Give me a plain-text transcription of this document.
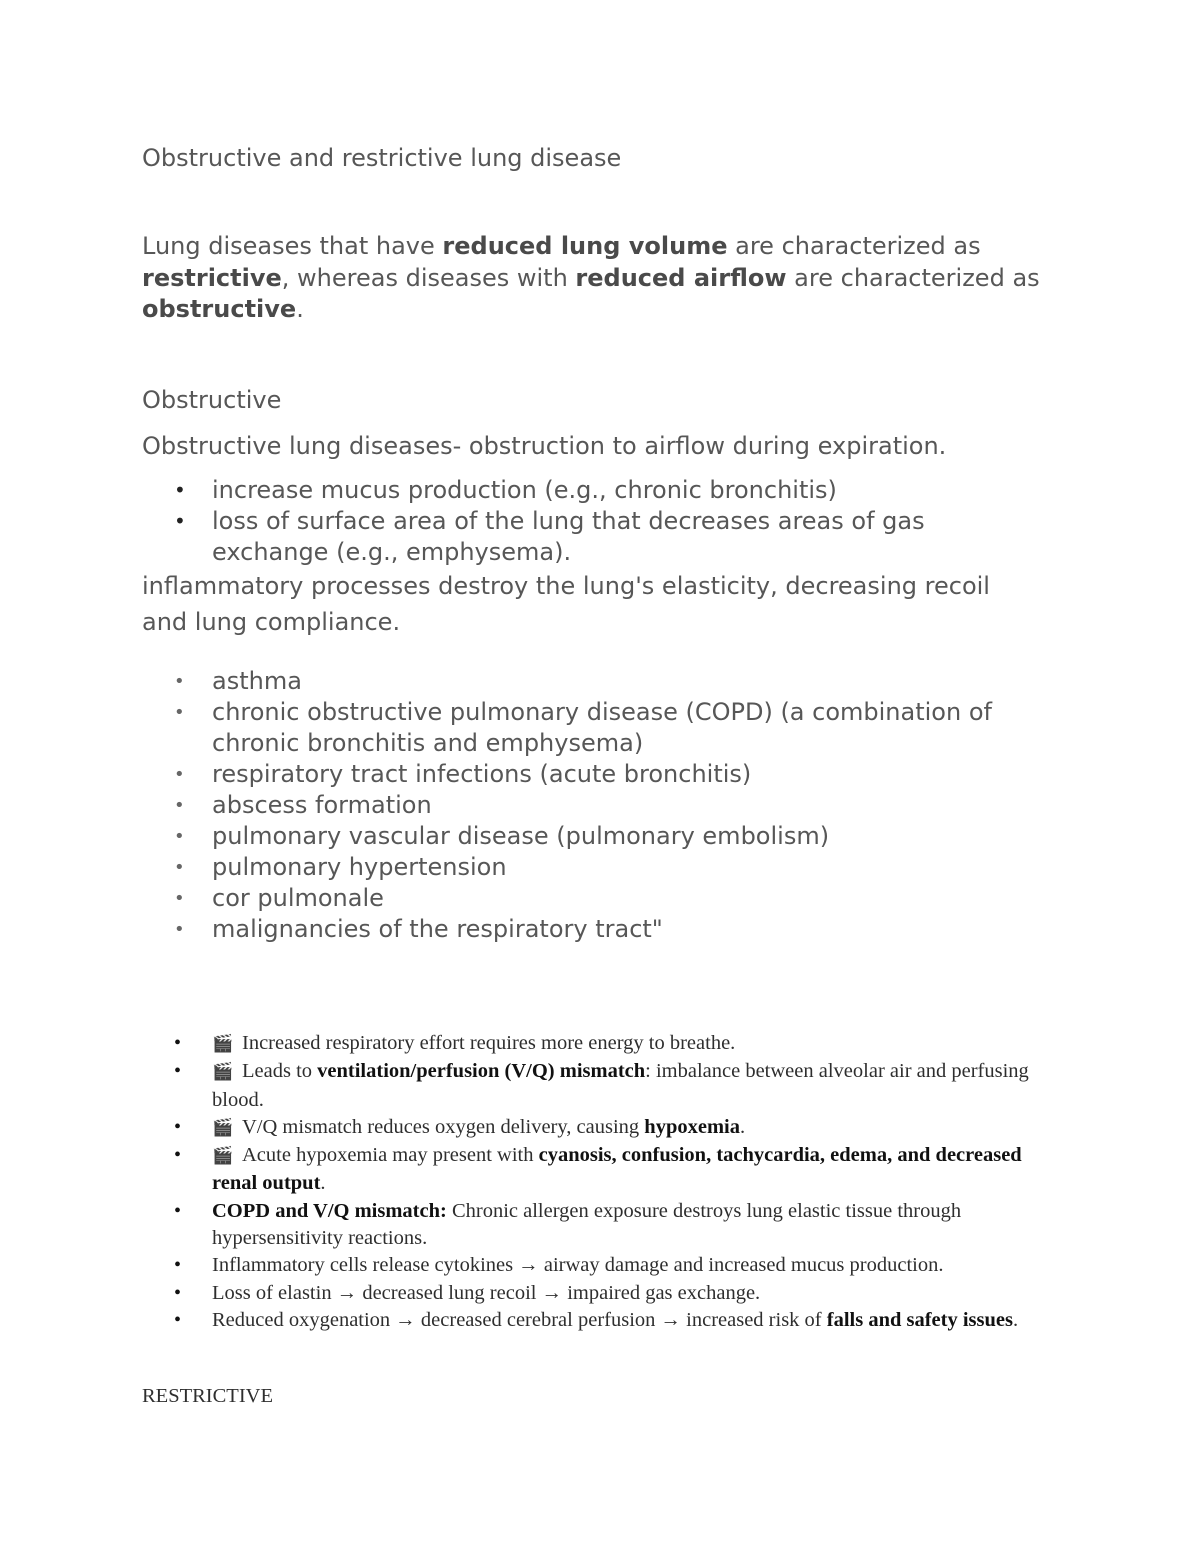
Obstructive and restrictive lung disease

Lung diseases that have reduced lung volume are characterized as restrictive, whereas diseases with reduced airflow are characterized as obstructive.

Obstructive
Obstructive lung diseases- obstruction to airflow during expiration.
• increase mucus production (e.g., chronic bronchitis)
• loss of surface area of the lung that decreases areas of gas exchange (e.g., emphysema).

inflammatory processes destroy the lung's elasticity, decreasing recoil and lung compliance.

• asthma
• chronic obstructive pulmonary disease (COPD) (a combination of chronic bronchitis and emphysema)
• respiratory tract infections (acute bronchitis)
• abscess formation
• pulmonary vascular disease (pulmonary embolism)
• pulmonary hypertension
• cor pulmonale
• malignancies of the respiratory tract"
• 🎬 Increased respiratory effort requires more energy to breathe.
• 🎬 Leads to ventilation/perfusion (V/Q) mismatch: imbalance between alveolar air and perfusing blood.
• 🎬 V/Q mismatch reduces oxygen delivery, causing hypoxemia.
• 🎬 Acute hypoxemia may present with cyanosis, confusion, tachycardia, edema, and decreased renal output.
• COPD and V/Q mismatch: Chronic allergen exposure destroys lung elastic tissue through hypersensitivity reactions.
• Inflammatory cells release cytokines → airway damage and increased mucus production.
• Loss of elastin → decreased lung recoil → impaired gas exchange.
• Reduced oxygenation → decreased cerebral perfusion → increased risk of falls and safety issues.
RESTRICTIVE
